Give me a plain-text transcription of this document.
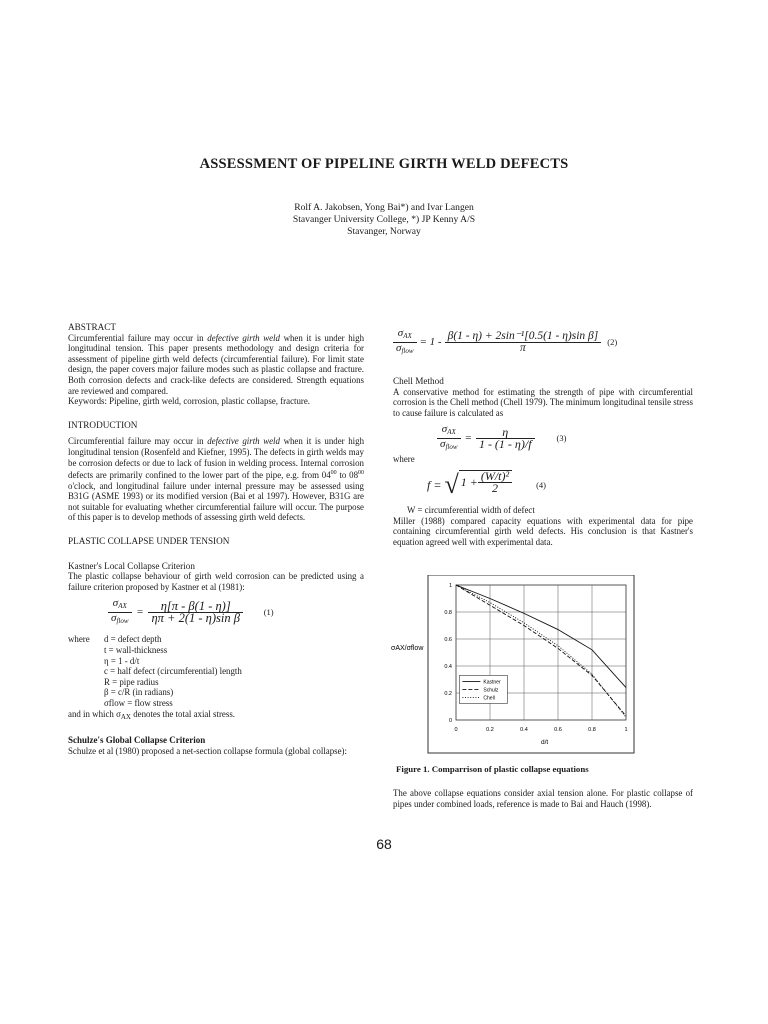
ASSESSMENT OF PIPELINE GIRTH WELD DEFECTS
Rolf A. Jakobsen, Yong Bai*) and Ivar Langen
Stavanger University College, *) JP Kenny A/S
Stavanger, Norway
ABSTRACT

Circumferential failure may occur in defective girth weld when it is under high longitudinal tension. This paper presents methodology and design criteria for assessment of pipeline girth weld defects (circumferential failure). For limit state design, the paper covers major failure modes such as plastic collapse and fracture. Both corrosion defects and crack-like defects are considered. Strength equations are reviewed and compared.

Keywords: Pipeline, girth weld, corrosion, plastic collapse, fracture.

INTRODUCTION

Circumferential failure may occur in defective girth weld when it is under high longitudinal tension (Rosenfeld and Kiefner, 1995). The defects in girth welds may be corrosion defects or due to lack of fusion in welding process. Internal corrosion defects are primarily confined to the lower part of the pipe, e.g. from $04^{00}$ to $08^{00}$ o'clock, and longitudinal failure under internal pressure may be assessed using B31G (ASME 1993) or its modified version (Bai et al 1997). However, B31G are not suitable for evaluating whether circumferential failure will occur. The purpose of this paper is to develop methods of assessing girth weld defects.

PLASTIC COLLAPSE UNDER TENSION
Kastner's Local Collapse Criterion

The plastic collapse behaviour of girth weld corrosion can be predicted using a failure criterion proposed by Kastner et al (1981):

$\frac{\sigma_{AX}}{\sigma_{flow}} = \frac{\eta[\pi - \beta(1 - \eta)]}{\text{ηπ + 2(1 - η)sin β}} (1)$
where	d = defect depth
t = wall-thickness
η = 1 - d/t
c = half defect (circumferential) length
R = pipe radius
β = c/R (in radians)
σflow = flow stress

and in which $\sigma_{AX}$ denotes the total axial stress.

Schulze's Global Collapse Criterion

Schulze et al (1980) proposed a net-section collapse formula (global collapse):

$\frac{\sigma_{AX}}{\sigma_{flow}} = 1 - \frac{\text{β(1 - η) + 2sin⁻¹[0.5(1 - η)sin β]}}{\pi} (2)$
Chell Method

A conservative method for estimating the strength of pipe with circumferential corrosion is the Chell method (Chell 1979). The minimum longitudinal tensile stress to cause failure is calculated as

$\frac{\sigma_{AX}}{\sigma_{flow}} = \frac{\eta}{1 - (1 - \eta)/f}$	(3)
where
f = √ $1 + \frac{\text{(W/t)²}}{2}$	(4)
W = circumferential width of defect

Miller (1988) compared capacity equations with experimental data for pipe containing circumferential girth weld defects. His conclusion is that Kastner's equation agreed well with experimental data.

0	0.2	0.4	0.6	0.8	1
0
0.2
0.4
0.6
0.8
1
Kastner
Schulz
Chell
σAX/σflow
d/t
Figure 1. Comparrison of plastic collapse equations

The above collapse equations consider axial tension alone. For plastic collapse of pipes under combined loads, reference is made to Bai and Hauch (1998).

68
